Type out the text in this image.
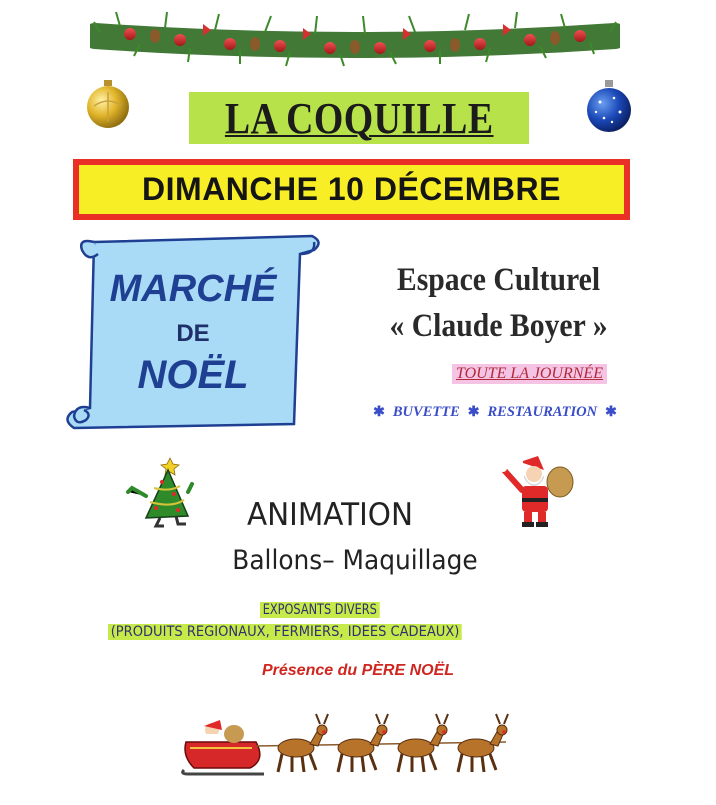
LA COQUILLE
DIMANCHE 10 DÉCEMBRE
MARCHÉ
DE
NOËL
Espace Culturel
« Claude Boyer »
TOUTE LA JOURNÉE
✱ BUVETTE ✱ RESTAURATION ✱
ANIMATION
Ballons– Maquillage
EXPOSANTS DIVERS
(PRODUITS REGIONAUX, FERMIERS, IDEES CADEAUX)
Présence du PÈRE NOËL
